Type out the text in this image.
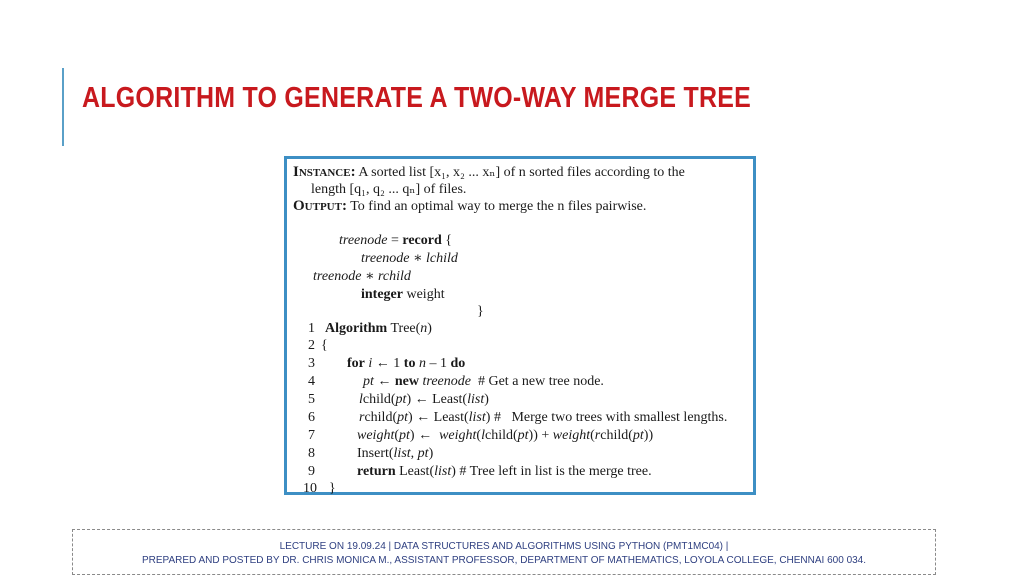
ALGORITHM TO GENERATE A TWO-WAY MERGE TREE
Instance: A sorted list [x₁, x₂ ... xₙ] of n sorted files according to the
length [q₁, q₂ ... qₙ] of files.
Output: To find an optimal way to merge the n files pairwise.
treenode = record {
treenode ∗ lchild
treenode ∗ rchild
integer weight
}
1 Algorithm Tree(n)
2 {
3 for i ← 1 to n – 1 do
4	pt ← new treenode  # Get a new tree node.
5	lchild(pt) ← Least(list)
6	rchild(pt) ← Least(list) #   Merge two trees with smallest lengths.
7	weight(pt) ←  weight(lchild(pt)) + weight(rchild(pt))
8	Insert(list, pt)
9	return Least(list) # Tree left in list is the merge tree.
10 }
LECTURE ON 19.09.24 | DATA STRUCTURES AND ALGORITHMS USING PYTHON (PMT1MC04) |
PREPARED AND POSTED BY DR. CHRIS MONICA M., ASSISTANT PROFESSOR, DEPARTMENT OF MATHEMATICS, LOYOLA COLLEGE, CHENNAI 600 034.
